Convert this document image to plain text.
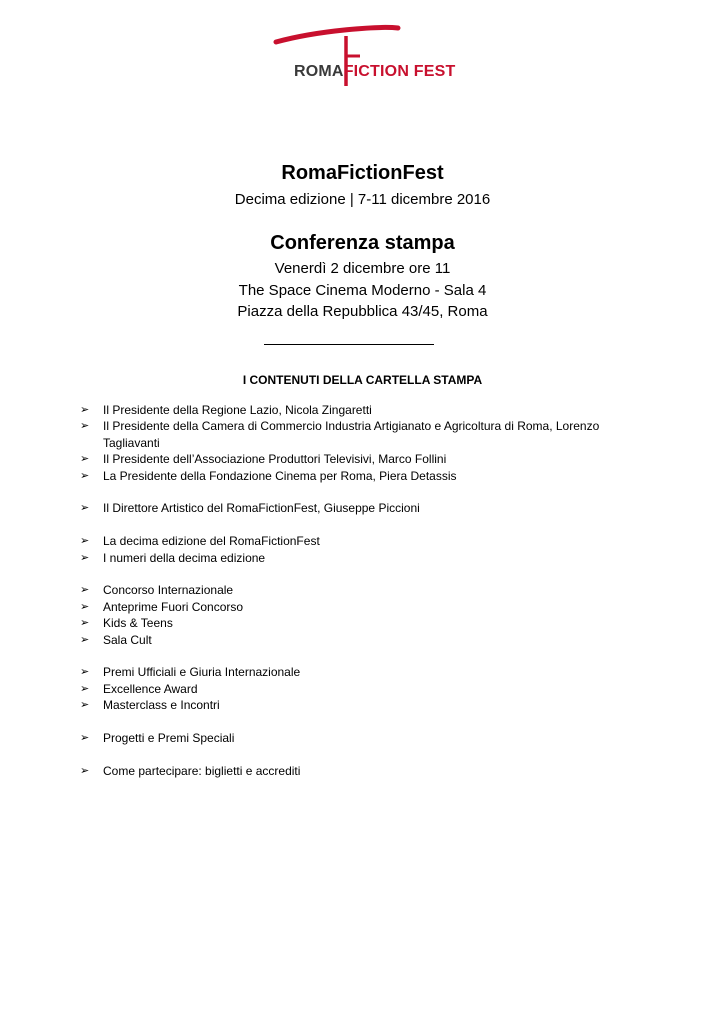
ROMAFICTION FEST
RomaFictionFest
Decima edizione | 7-11 dicembre 2016
Conferenza stampa
Venerdì 2 dicembre ore 11
The Space Cinema Moderno - Sala 4
Piazza della Repubblica 43/45, Roma
I CONTENUTI DELLA CARTELLA STAMPA
➢ Il Presidente della Regione Lazio, Nicola Zingaretti
➢ Il Presidente della Camera di Commercio Industria Artigianato e Agricoltura di Roma, Lorenzo Tagliavanti
➢ Il Presidente dell’Associazione Produttori Televisivi, Marco Follini
➢ La Presidente della Fondazione Cinema per Roma, Piera Detassis
➢ Il Direttore Artistico del RomaFictionFest, Giuseppe Piccioni
➢ La decima edizione del RomaFictionFest
➢ I numeri della decima edizione
➢ Concorso Internazionale
➢ Anteprime Fuori Concorso
➢ Kids & Teens
➢ Sala Cult
➢ Premi Ufficiali e Giuria Internazionale
➢ Excellence Award
➢ Masterclass e Incontri
➢ Progetti e Premi Speciali
➢ Come partecipare: biglietti e accrediti
